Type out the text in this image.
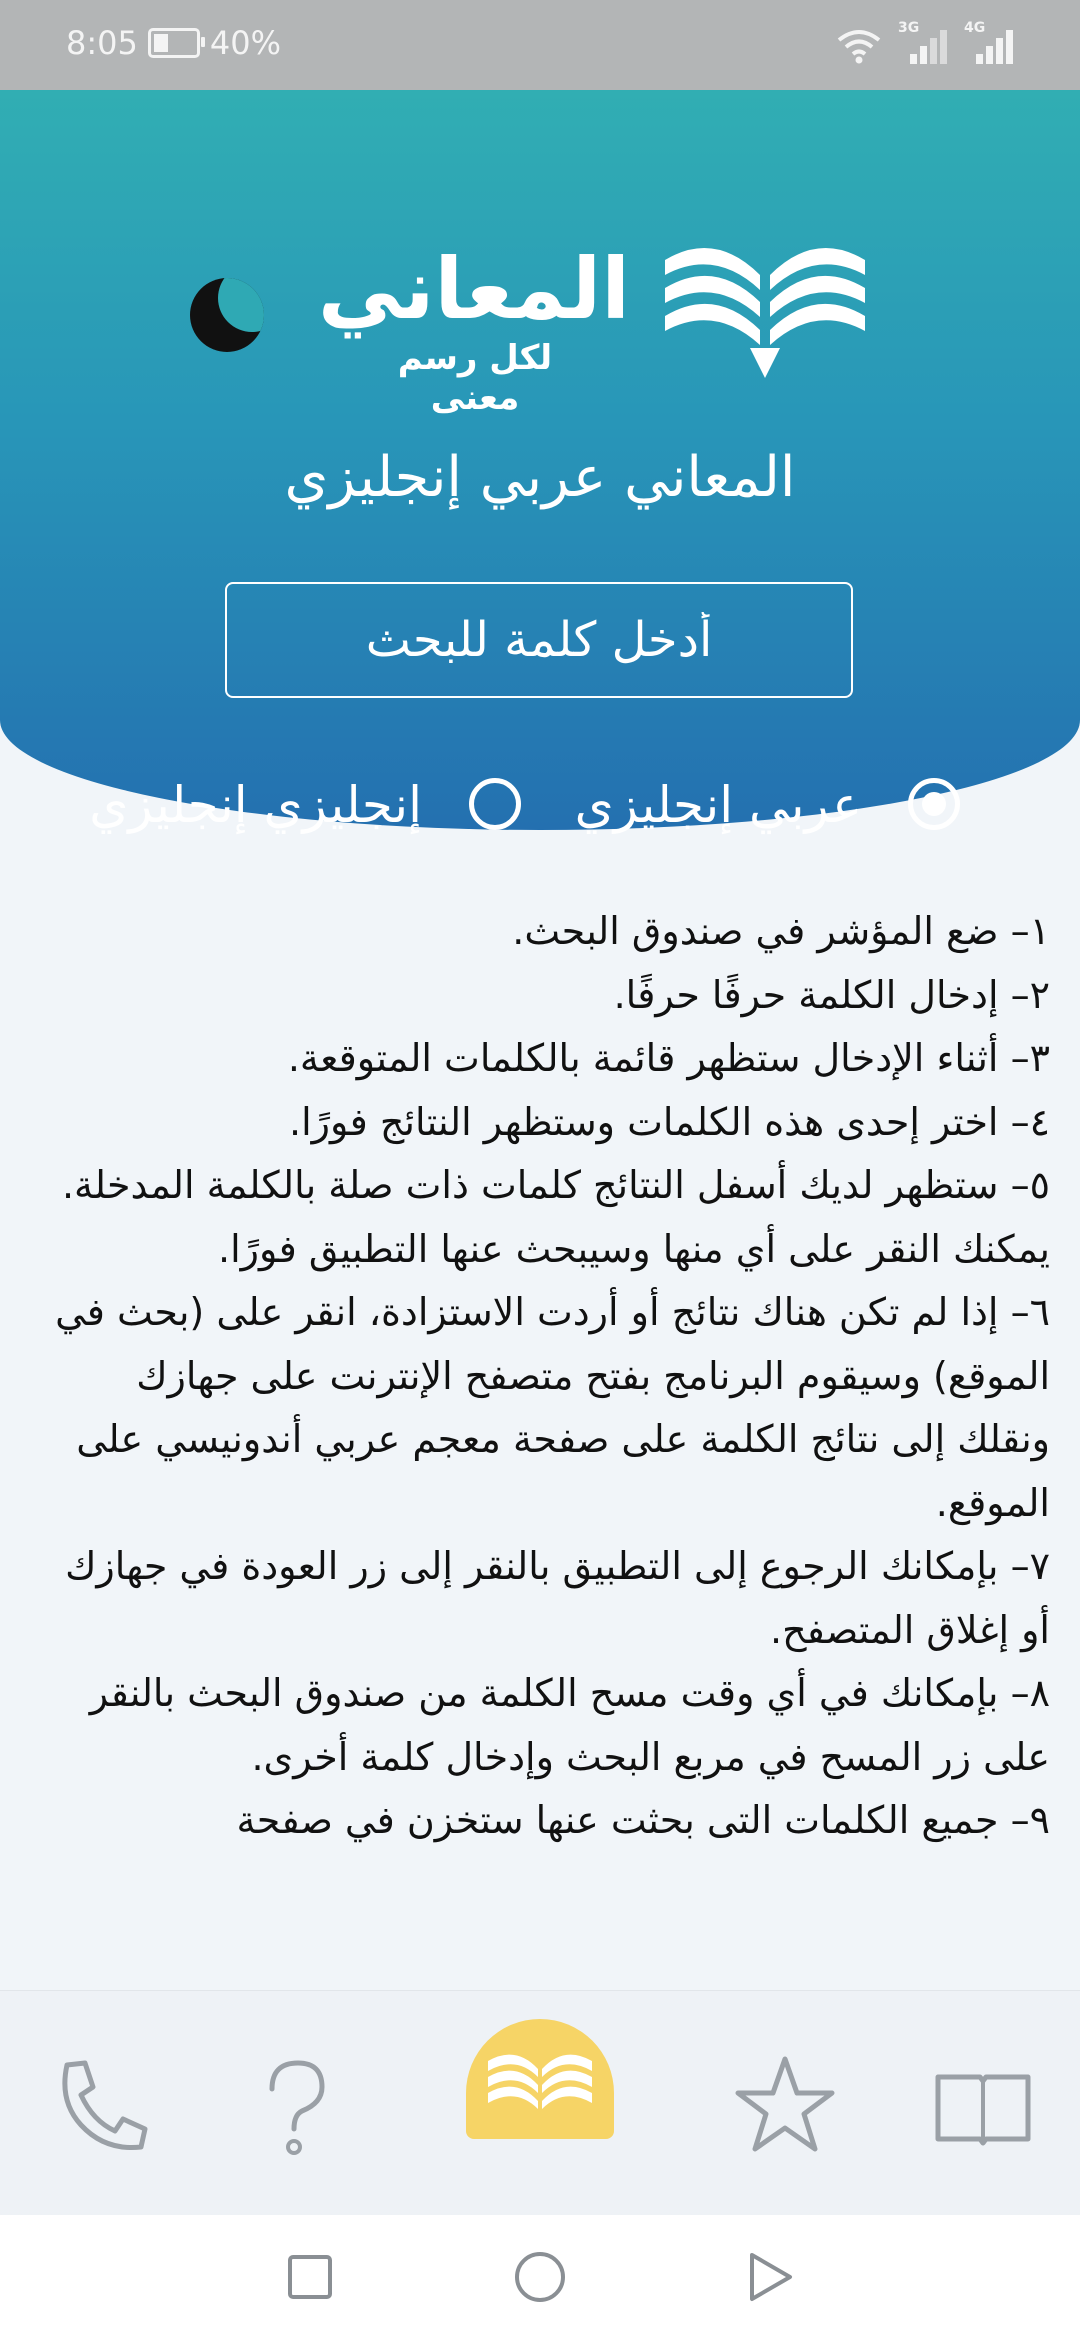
8:05 40%	3G	4G
المعاني
لكل رسم معنى
المعاني عربي إنجليزي
أدخل كلمة للبحث
عربي إنجليزي
إنجليزي إنجليزي

١– ضع المؤشر في صندوق البحث.

٢– إدخال الكلمة حرفًا حرفًا.

٣– أثناء الإدخال ستظهر قائمة بالكلمات المتوقعة.

٤– اختر إحدى هذه الكلمات وستظهر النتائج فورًا.

٥– ستظهر لديك أسفل النتائج كلمات ذات صلة بالكلمة المدخلة. يمكنك النقر على أي منها وسيبحث عنها التطبيق فورًا.

٦– إذا لم تكن هناك نتائج أو أردت الاستزادة، انقر على (بحث في الموقع) وسيقوم البرنامج بفتح متصفح الإنترنت على جهازك ونقلك إلى نتائج الكلمة على صفحة معجم عربي أندونيسي على الموقع.

٧– بإمكانك الرجوع إلى التطبيق بالنقر إلى زر العودة في جهازك أو إغلاق المتصفح.

٨– بإمكانك في أي وقت مسح الكلمة من صندوق البحث بالنقر على زر المسح في مربع البحث وإدخال كلمة أخرى.

٩– جميع الكلمات التى بحثت عنها ستخزن في صفحة
